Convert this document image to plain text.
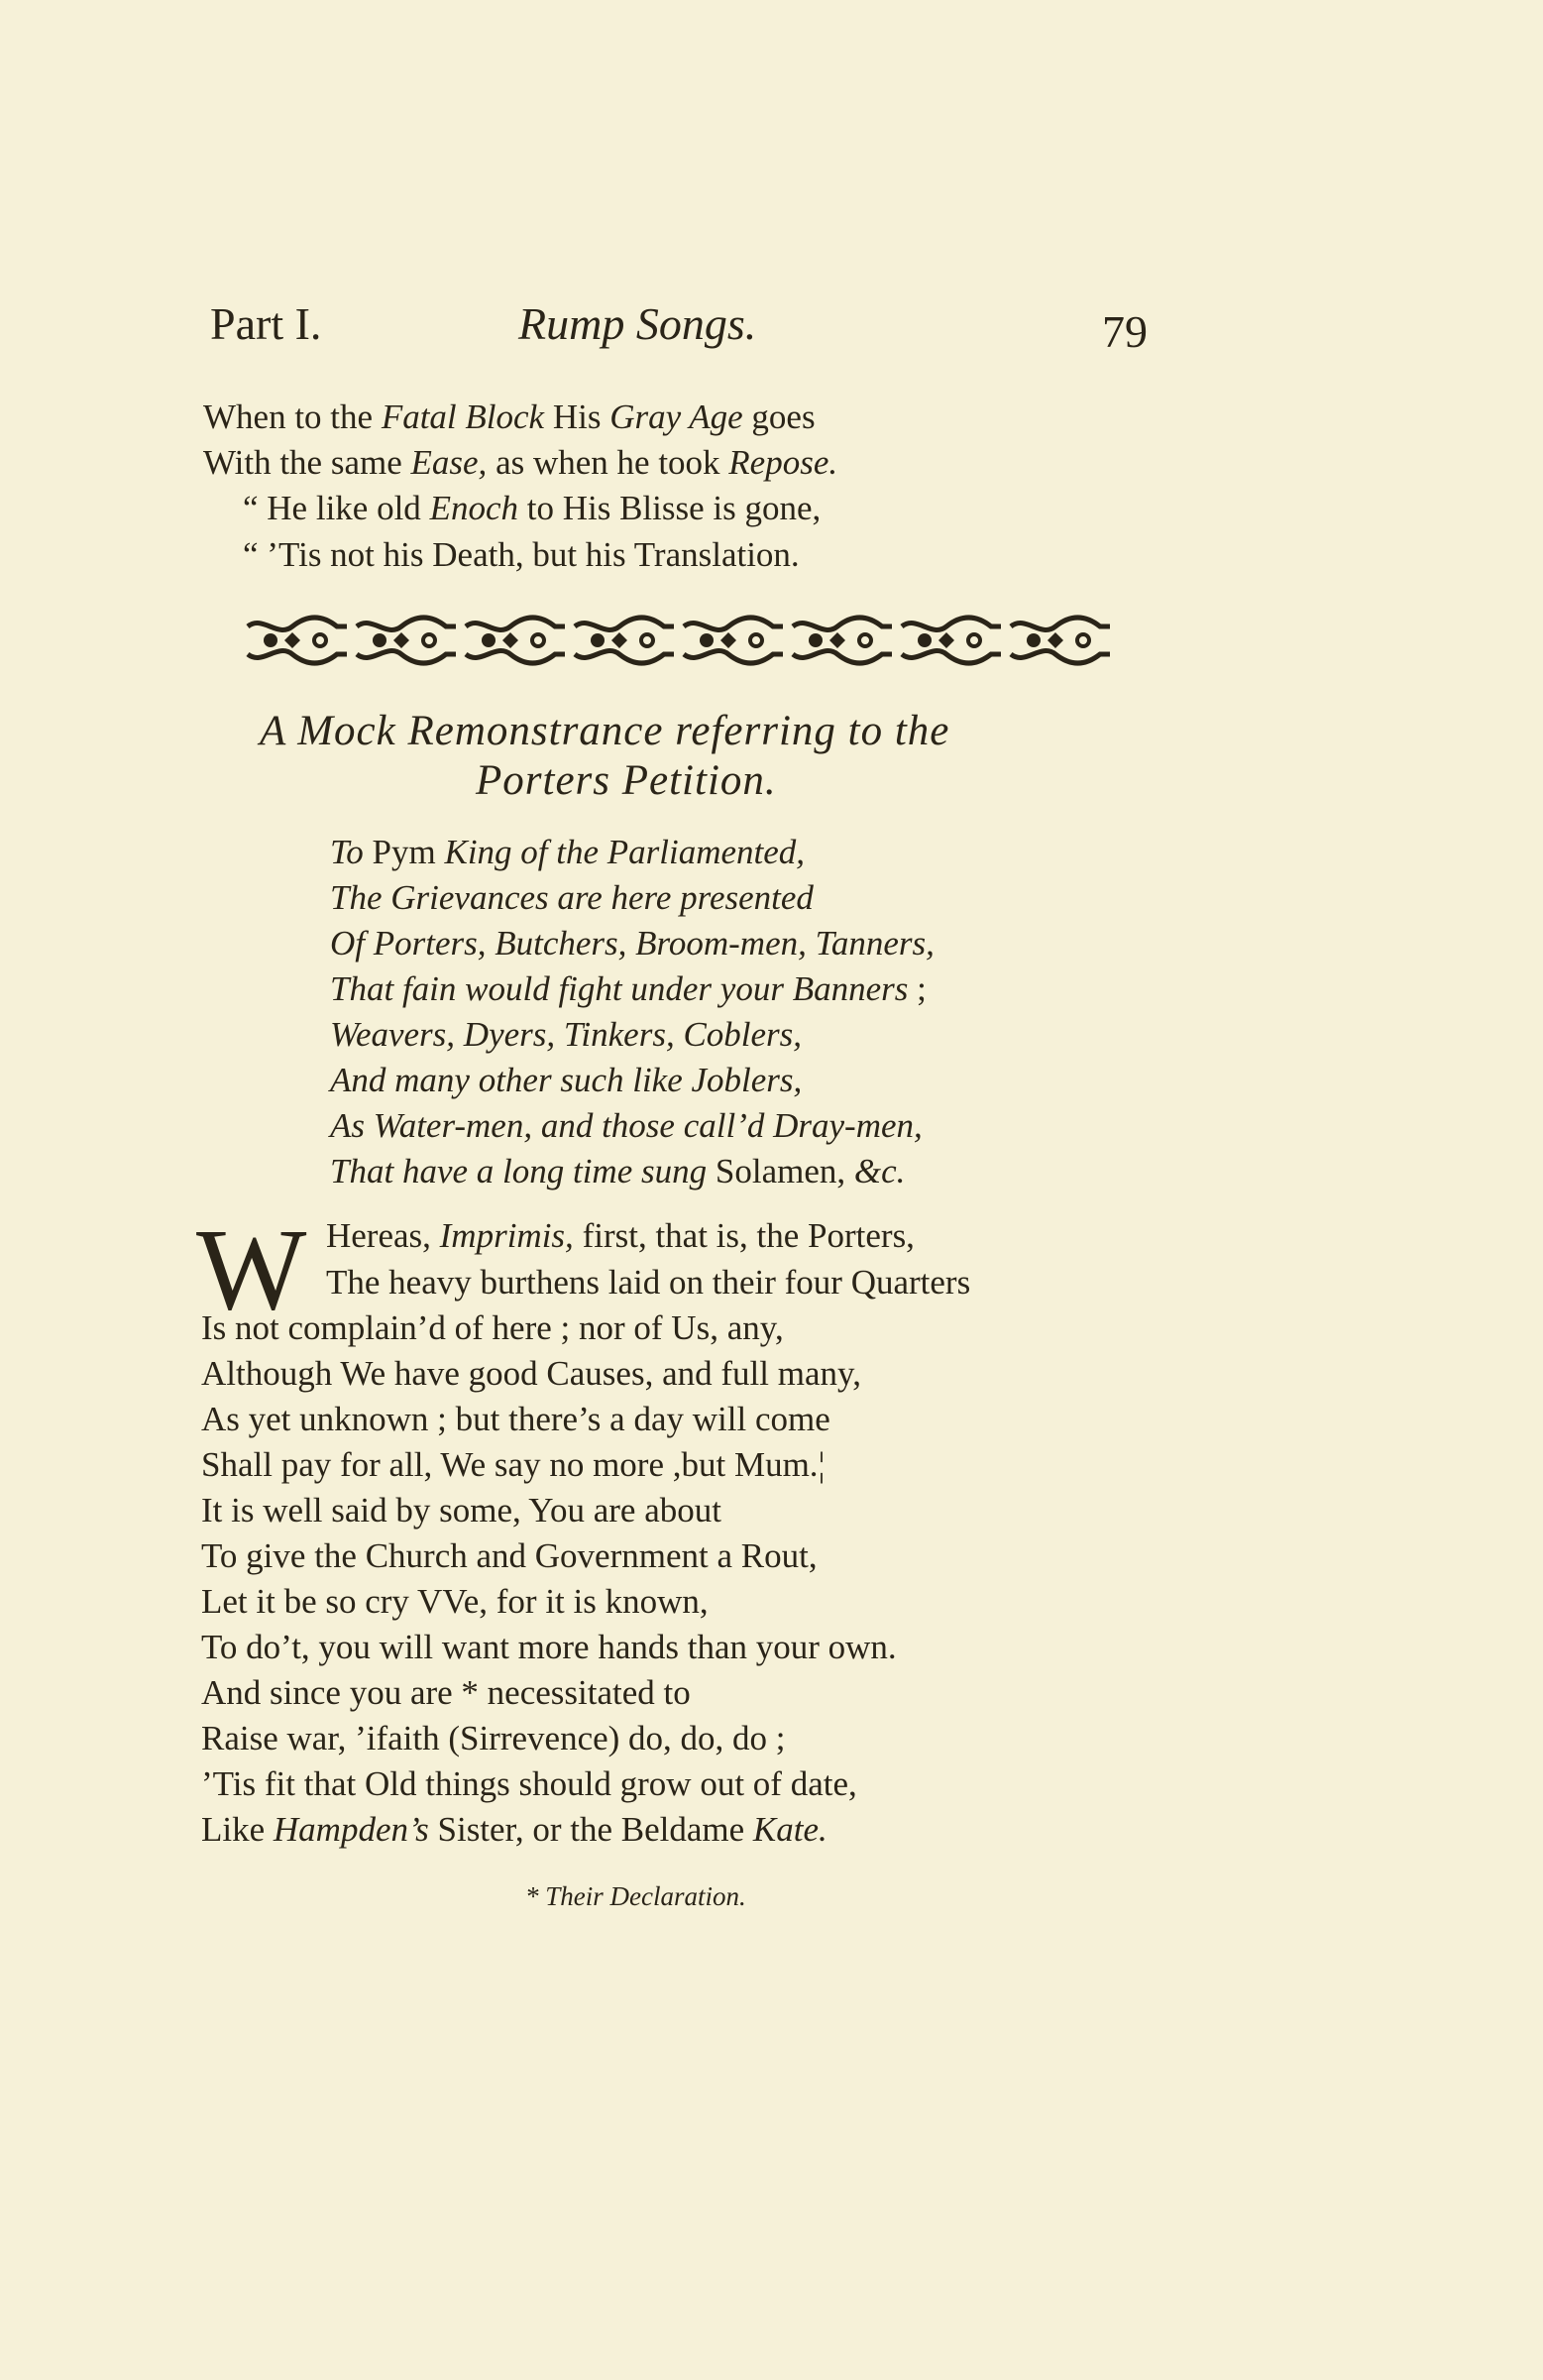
Part I.	Rump Songs.	79
When to the Fatal Block His Gray Age goes
With the same Ease, as when he took Repose.
“ He like old Enoch to His Blisse is gone,
“ ’Tis not his Death, but his Translation.
A Mock Remonstrance referring to the
Porters Petition.
To Pym King of the Parliamented,
The Grievances are here presented
Of Porters, Butchers, Broom-men, Tanners,
That fain would fight under your Banners ;
Weavers, Dyers, Tinkers, Coblers,
And many other such like Joblers,
As Water-men, and those call’d Dray-men,
That have a long time sung Solamen, &c.
W Hereas, Imprimis, first, that is, the Porters,
The heavy burthens laid on their four Quarters
Is not complain’d of here ; nor of Us, any,
Although We have good Causes, and full many,
As yet unknown ; but there’s a day will come
Shall pay for all, We say no more ,but Mum.¦
It is well said by some, You are about
To give the Church and Government a Rout,
Let it be so cry VVe, for it is known,
To do’t, you will want more hands than your own.
And since you are * necessitated to
Raise war, ’ifaith (Sirrevence) do, do, do ;
’Tis fit that Old things should grow out of date,
Like Hampden’s Sister, or the Beldame Kate.
* Their Declaration.
